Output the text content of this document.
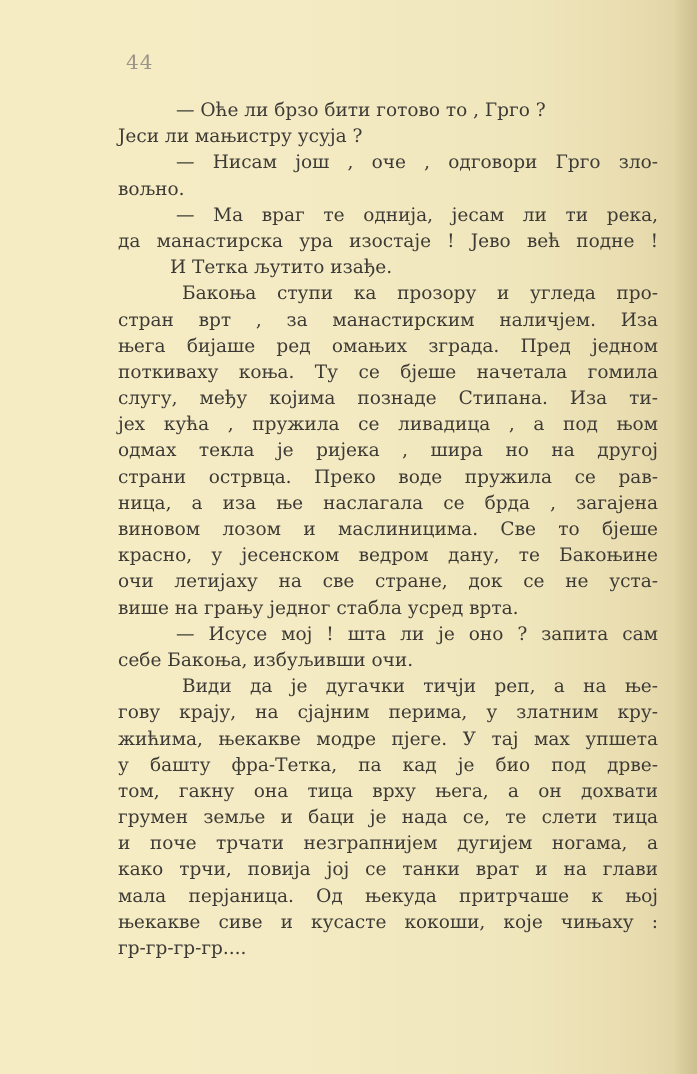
44
— Оће ли брзо бити готово то , Грго ?
Јеси ли мањистру усуја ?
— Нисам још , оче , одговори Грго зло-
вољно.
— Ма враг те однија, јесам ли ти река,
да манастирска ура изостаје ! Јево већ подне !
И Тетка љутито изађе.
Бакоња ступи ка прозору и угледа про-
стран врт , за манастирским наличјем. Иза
њега бијаше ред омањих зграда. Пред једном
поткиваху коња. Ту се бјеше начетала гомила
слугу, међу којима познаде Стипана. Иза ти-
јех кућа , пружила се ливадица , а под њом
одмах текла је ријека , шира но на другој
страни острвца. Преко воде пружила се рав-
ница, а иза ње наслагала се брда , загаjена
виновом лозом и маслиницима. Све то бјеше
красно, у јесенском ведром дану, те Бакоњине
очи летијаху на све стране, док се не уста-
више на грању једног стабла усред врта.
— Исусе мој ! шта ли је оно ? запита сам
себе Бакоња, избуљивши очи.
Види да је дугачки тичји реп, а на ње-
гову крају, на сјајним перима, у златним кру-
жићима, њекакве модре пјеге. У тај мах упшета
у башту фра-Тетка, па кад је био под дрве-
том, гакну она тица врху њега, а он дохвати
грумен земље и баци је нада се, те слети тица
и поче трчати незграпнијем дугијем ногама, а
како трчи, повија јој се танки врат и на глави
мала перјаница. Од њекуда притрчаше к њој
њекакве сиве и кусасте кокоши, које чињаху :
гр-гр-гр-гр....
